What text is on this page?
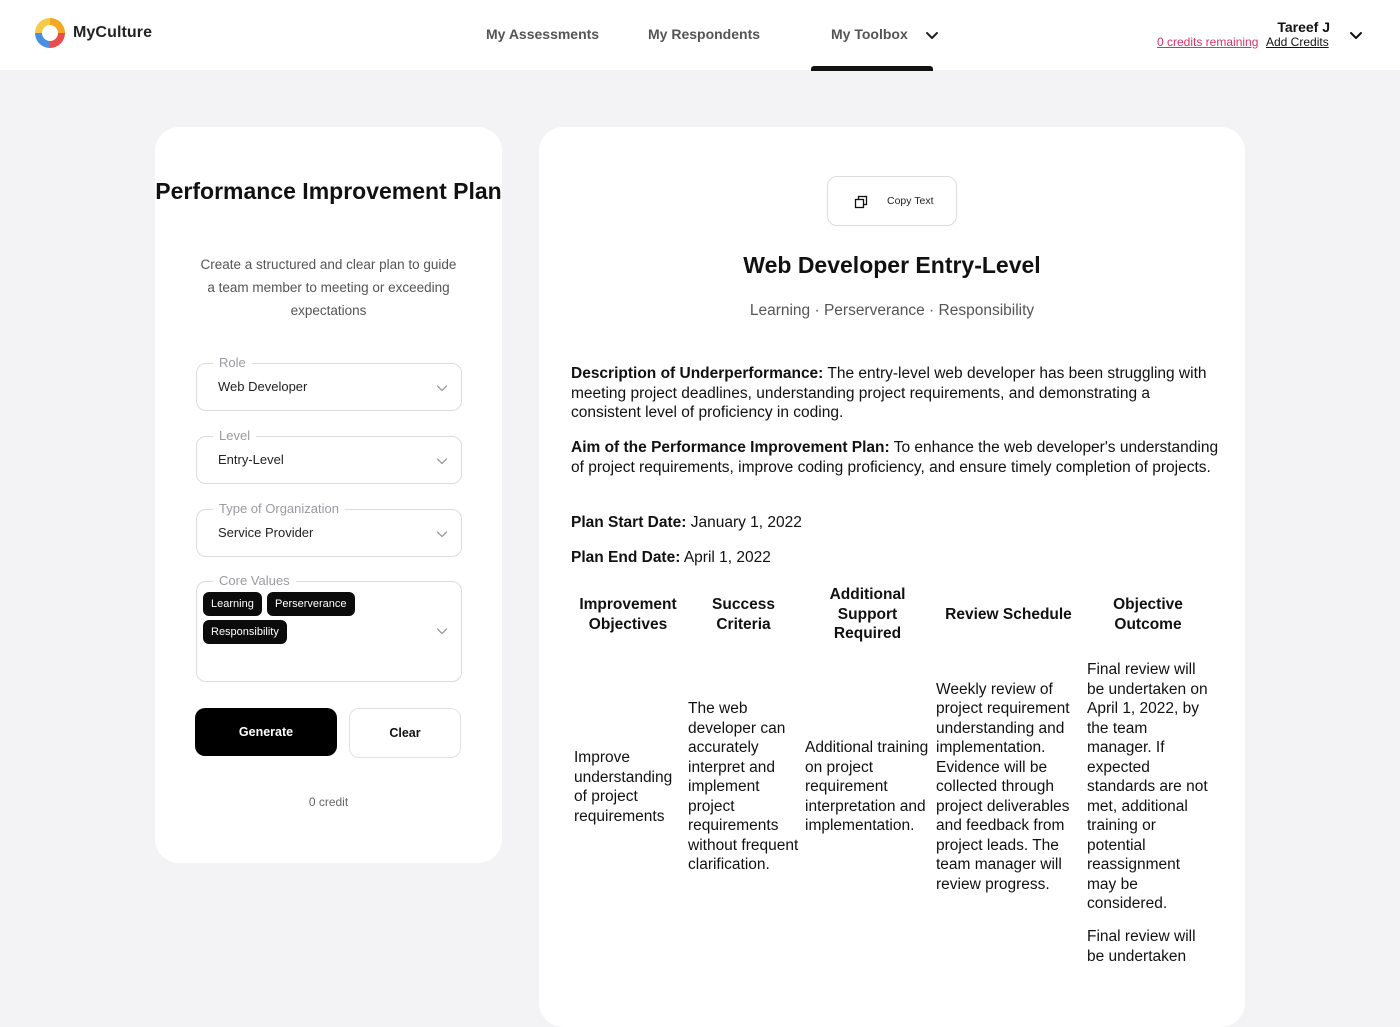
MyCulture	My Assessments	My Respondents	My Toolbox	Tareef J
0 credits remaining Add Credits
Performance Improvement Plan

Create a structured and clear plan to guide a team member to meeting or exceeding expectations

Role
Web Developer
Level
Entry-Level
Type of Organization
Service Provider
Core Values
Learning	Perserverance
Responsibility
Generate	Clear

0 credit

Copy Text
Web Developer Entry-Level

Learning · Perserverance · Responsibility

Description of Underperformance: The entry-level web developer has been struggling with meeting project deadlines, understanding project requirements, and demonstrating a consistent level of proficiency in coding.

Aim of the Performance Improvement Plan: To enhance the web developer's understanding of project requirements, improve coding proficiency, and ensure timely completion of projects.

Plan Start Date: January 1, 2022

Plan End Date: April 1, 2022

Improvement Objectives	Success Criteria	Additional Support Required	Review Schedule	Objective Outcome
Improve understanding of project requirements	The web developer can accurately interpret and implement project requirements without frequent clarification.	Additional training on project requirement interpretation and implementation.	Weekly review of project requirement understanding and implementation. Evidence will be collected through project deliverables and feedback from project leads. The team manager will review progress.	Final review will be undertaken on April 1, 2022, by the team manager. If expected standards are not met, additional training or potential reassignment may be considered.
				Final review will be undertaken
